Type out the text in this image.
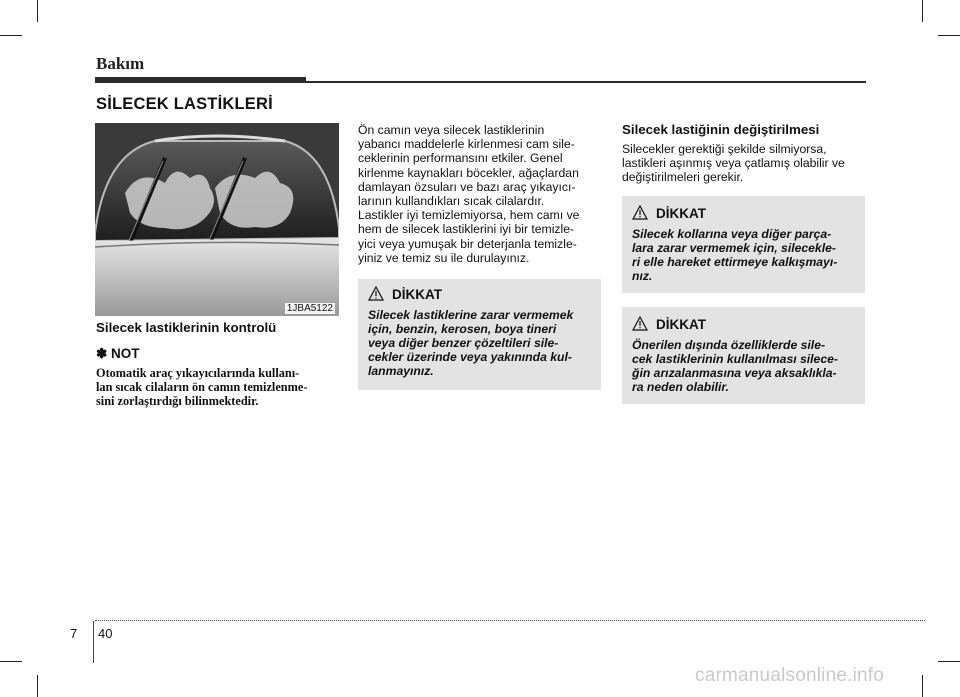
Bakım
SİLECEK LASTİKLERİ
1JBA5122
Silecek lastiklerinin kontrolü
✽ NOT
Otomatik araç yıkayıcılarında kullanı-
lan sıcak cilaların ön camın temizlenme-
sini zorlaştırdığı bilinmektedir.
Ön camın veya silecek lastiklerinin
yabancı maddelerle kirlenmesi cam sile-
ceklerinin performansını etkiler. Genel
kirlenme kaynakları böcekler, ağaçlardan
damlayan özsuları ve bazı araç yıkayıcı-
larının kullandıkları sıcak cilalardır.
Lastikler iyi temizlemiyorsa, hem camı ve
hem de silecek lastiklerini iyi bir temizle-
yici veya yumuşak bir deterjanla temizle-
yiniz ve temiz su ile durulayınız.
DİKKAT
Silecek lastiklerine zarar vermemek
için, benzin, kerosen, boya tineri
veya diğer benzer çözeltileri sile-
cekler üzerinde veya yakınında kul-
lanmayınız.
Silecek lastiğinin değiştirilmesi
Silecekler gerektiği şekilde silmiyorsa,
lastikleri aşınmış veya çatlamış olabilir ve
değiştirilmeleri gerekir.
DİKKAT
Silecek kollarına veya diğer parça-
lara zarar vermemek için, silecekle-
ri elle hareket ettirmeye kalkışmayı-
nız.
DİKKAT
Önerilen dışında özelliklerde sile-
cek lastiklerinin kullanılması silece-
ğin arızalanmasına veya aksaklıkla-
ra neden olabilir.
7 40
carmanualsonline.info
